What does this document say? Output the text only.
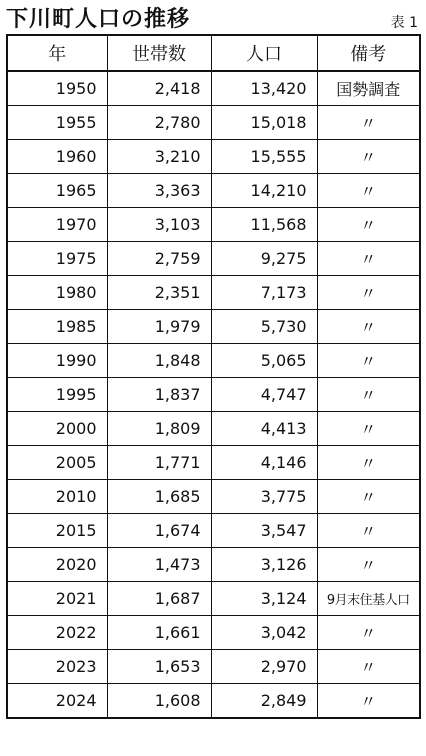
下川町人口の推移	表 1
年	世帯数	人口	備考
1950	2,418	13,420	国勢調査
1955	2,780	15,018	〃
1960	3,210	15,555	〃
1965	3,363	14,210	〃
1970	3,103	11,568	〃
1975	2,759	9,275	〃
1980	2,351	7,173	〃
1985	1,979	5,730	〃
1990	1,848	5,065	〃
1995	1,837	4,747	〃
2000	1,809	4,413	〃
2005	1,771	4,146	〃
2010	1,685	3,775	〃
2015	1,674	3,547	〃
2020	1,473	3,126	〃
2021	1,687	3,124	9月末住基人口
2022	1,661	3,042	〃
2023	1,653	2,970	〃
2024	1,608	2,849	〃
